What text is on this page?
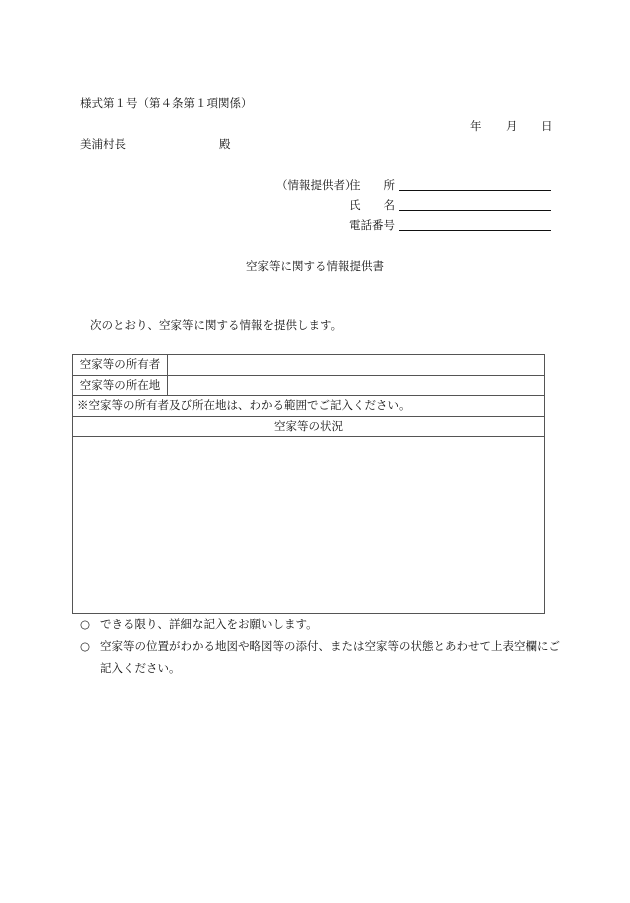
様式第１号（第４条第１項関係）
年 月 日
美浦村長	殿
（情報提供者）
住　　所
氏　　名
電話番号
空家等に関する情報提供書
次のとおり、空家等に関する情報を提供します。
空家等の所有者	
空家等の所在地	
※空家等の所有者及び所在地は、わかる範囲でご記入ください。	
空家等の状況	

○ できる限り、詳細な記入をお願いします。
○ 空家等の位置がわかる地図や略図等の添付、または空家等の状態とあわせて上表空欄にご記入ください。
